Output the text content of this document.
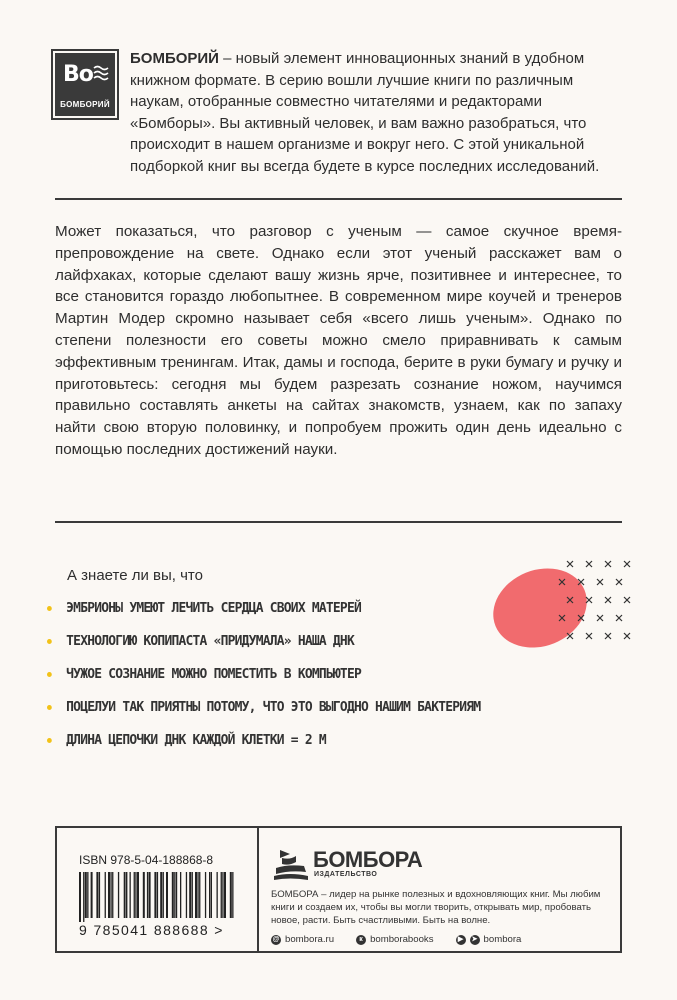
Bo
БОМБОРИЙ
БОМБОРИЙ – новый элемент инновационных знаний в удобном книжном формате. В серию вошли лучшие книги по различным наукам, отобранные совместно читателями и редакторами «Бомборы». Вы активный человек, и вам важно разобраться, что происходит в нашем организме и вокруг него. С этой уникальной подборкой книг вы всегда будете в курсе последних исследований.
Может показаться, что разговор с ученым — самое скучное времяпрепровождение на свете. Однако если этот ученый расскажет вам о лайфхаках, которые сделают вашу жизнь ярче, позитивнее и интереснее, то все становится гораздо любопытнее. В современном мире коучей и тренеров Мартин Модер скромно называет себя «всего лишь ученым». Однако по степени полезности его советы можно смело приравнивать к самым эффективным тренингам. Итак, дамы и господа, берите в руки бумагу и ручку и приготовьтесь: сегодня мы будем разрезать сознание ножом, научимся правильно составлять анкеты на сайтах знакомств, узнаем, как по запаху найти свою вторую половинку, и попробуем прожить один день идеально с помощью последних достижений науки.
А знаете ли вы, что
ЭМБРИОНЫ УМЕЮТ ЛЕЧИТЬ СЕРДЦА СВОИХ МАТЕРЕЙ
ТЕХНОЛОГИЮ КОПИПАСТА «ПРИДУМАЛА» НАША ДНК
ЧУЖОЕ СОЗНАНИЕ МОЖНО ПОМЕСТИТЬ В КОМПЬЮТЕР
ПОЦЕЛУИ ТАК ПРИЯТНЫ ПОТОМУ, ЧТО ЭТО ВЫГОДНО НАШИМ БАКТЕРИЯМ
ДЛИНА ЦЕПОЧКИ ДНК КАЖДОЙ КЛЕТКИ = 2 М
ISBN 978-5-04-188868-8
9 785041 888688 >
БОМБОРА
ИЗДАТЕЛЬСТВО
БОМБОРА – лидер на рынке полезных и вдохновляющих книг. Мы любим книги и создаем их, чтобы вы могли творить, открывать мир, пробовать новое, расти. Быть счастливыми. Быть на волне.
@ bombora.ru	к bomborabooks	▶	➤ bombora
